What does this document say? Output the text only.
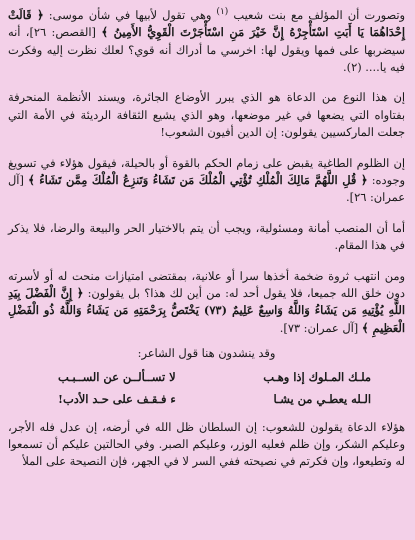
وتصورت أن المؤلف مع بنت شعيب $^{(١)}$ وهي تقول لأبيها في شأن موسى: ﴿ قَالَتْ إِحْدَاهُمَا يَا أَبَتِ اسْتَأْجِرْهُ إِنَّ خَيْرَ مَنِ اسْتَأْجَرْتَ الْقَوِيُّ الأَمِينُ ﴾ [القصص: ٢٦]، أنه سيضربها على فمها ويقول لها: اخرسي ما أدراك أنه قوي؟ لعلك نظرت إليه وفكرت فيه يا.... (٢).

إن هذا النوع من الدعاة هو الذي يبرر الأوضاع الجائرة، ويسند الأنظمة المنحرفة بفتاواه التي يضعها في غير موضعها، وهو الذي يشيع الثقافة الرديئة في الأمة التي جعلت الماركسيين يقولون: إن الدين أفيون الشعوب!

إن الظلوم الطاغية يقبض على زمام الحكم بالقوة أو بالحيلة، فيقول هؤلاء في تسويغ وجوده: ﴿ قُلِ اللَّهُمَّ مَالِكَ الْمُلْكِ تُؤْتِي الْمُلْكَ مَن تَشَاءُ وَتَنزِعُ الْمُلْكَ مِمَّن تَشَاءُ ﴾ [آل عمران: ٢٦].

أما أن المنصب أمانة ومسئولية، ويجب أن يتم بالاختيار الحر والبيعة والرضا، فلا يذكر في هذا المقام.

ومن انتهب ثروة ضخمة أخذها سرا أو علانية، بمقتضى امتيازات منحت له أو لأسرته دون خلق الله جميعا، فلا يقول أحد له: من أين لك هذا؟ بل يقولون: ﴿ إِنَّ الْفَضْلَ بِيَدِ اللَّهِ يُؤْتِيهِ مَن يَشَاءُ وَاللَّهُ وَاسِعٌ عَلِيمٌ (٧٣) يَخْتَصُّ بِرَحْمَتِهِ مَن يَشَاءُ وَاللَّهُ ذُو الْفَضْلِ الْعَظِيمِ ﴾ [آل عمران: ٧٣].

وقد ينشدون هنا قول الشاعر:

ملـك المـلوك إذا وهـب
لا تســألــن عن الســبـب
الـله يعطـي من يشـا
ء فـقـف على حـد الأدب!

هؤلاء الدعاة يقولون للشعوب: إن السلطان ظل الله في أرضه، إن عدل فله الأجر، وعليكم الشكر، وإن ظلم فعليه الوزر، وعليكم الصبر. وفي الحالتين عليكم أن تسمعوا له وتطيعوا، وإن فكرتم في نصيحته ففي السر لا في الجهر، فإن النصيحة على الملأ
